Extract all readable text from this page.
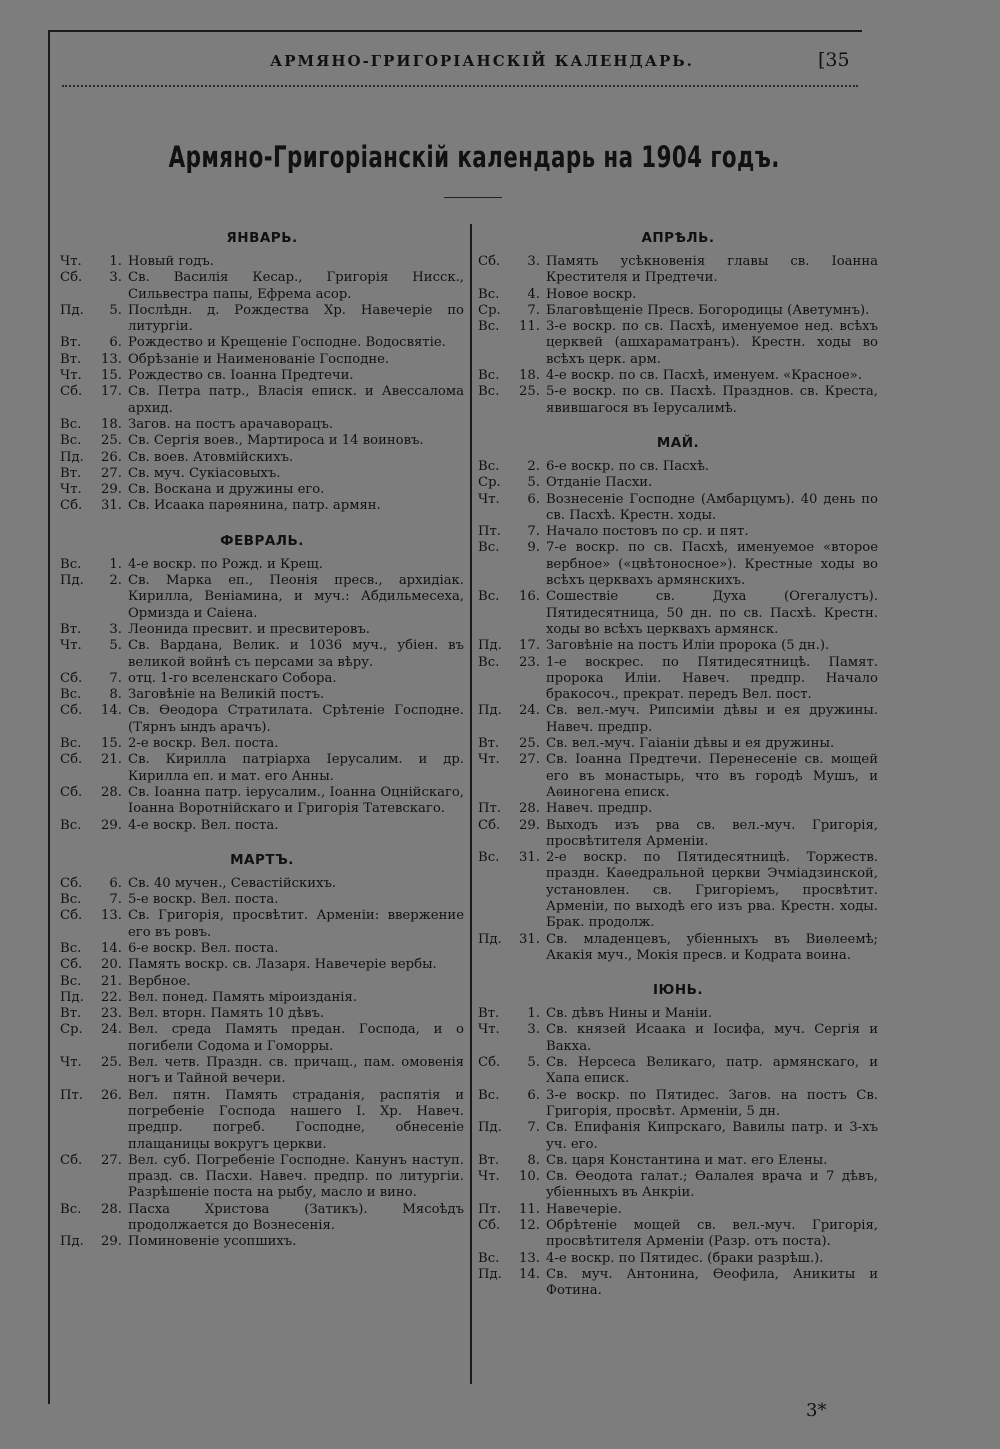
АРМЯНО-ГРИГОРІАНСКІЙ КАЛЕНДАРЬ.	[35
Армяно-Григоріанскій календарь на 1904 годъ.
ЯНВАРЬ.
Чт.	1. Новый годъ.
Сб.	3. Св. Василія Кесар., Григорія Нисск., Сильвестра папы, Ефрема асор.
Пд.	5. Послѣдн. д. Рождества Хр. Навечеріе по литургіи.
Вт.	6. Рождество и Крещеніе Господне. Водосвятіе.
Вт.	13. Обрѣзаніе и Наименованіе Господне.
Чт.	15. Рождество св. Іоанна Предтечи.
Сб.	17. Св. Петра патр., Власія епиcк. и Авессалома архид.
Вс.	18. Загов. на постъ арачаворацъ.
Вс.	25. Св. Сергія воев., Мартироса и 14 воиновъ.
Пд.	26. Св. воев. Атовмійскихъ.
Вт.	27. Св. муч. Сукіасовыхъ.
Чт.	29. Св. Воскана и дружины его.
Сб.	31. Св. Исаака парѳянина, патр. армян.
ФЕВРАЛЬ.
Вс.	1. 4-е воскр. по Рожд. и Крещ.
Пд.	2. Св. Марка еп., Пеонія пресв., архидіак. Кирилла, Веніамина, и муч.: Абдильмесеха, Ормизда и Саіена.
Вт.	3. Леонида пресвит. и пресвитеровъ.
Чт.	5. Св. Вардана, Велик. и 1036 муч., убіен. въ великой войнѣ съ персами за вѣру.
Сб.	7. отц. 1-го вселенскаго Собора.
Вс.	8. Заговѣніе на Великій постъ.
Сб.	14. Св. Ѳеодора Стратилата. Срѣтеніе Господне. (Тярнъ ындъ арачъ).
Вс.	15. 2-е воскр. Вел. поста.
Сб.	21. Св. Кирилла патріарха Іерусалим. и др. Кирилла еп. и мат. его Анны.
Сб.	28. Св. Іоанна патр. іерусалим., Іоанна Оцнійскаго, Іоанна Воротнійскаго и Григорія Татевскаго.
Вс.	29. 4-е воскр. Вел. поста.
МАРТЪ.
Сб.	6. Св. 40 мучен., Севастійскихъ.
Вс.	7. 5-е воскр. Вел. поста.
Сб.	13. Св. Григорія, просвѣтит. Арменіи: ввержение его въ ровъ.
Вс.	14. 6-е воскр. Вел. поста.
Сб.	20. Память воскр. св. Лазаря. Навечеріе вербы.
Вс.	21. Вербное.
Пд.	22. Вел. понед. Память міроизданія.
Вт.	23. Вел. вторн. Память 10 дѣвъ.
Ср.	24. Вел. среда Память предан. Господа, и о погибели Содома и Гоморры.
Чт.	25. Вел. четв. Праздн. св. причащ., пам. омовенія ногъ и Тайной вечери.
Пт.	26. Вел. пятн. Память страданія, распятія и погребеніе Господа нашего І. Хр. Навеч. предпр. погреб. Господне, обнесеніе плащаницы вокругъ церкви.
Сб.	27. Вел. суб. Погребеніе Господне. Канунъ наступ. празд. св. Пасхи. Навеч. предпр. по литургіи. Разрѣшеніе поста на рыбу, масло и вино.
Вс.	28. Пасха Христова (Затикъ). Мясоѣдъ продолжается до Вознесенія.
Пд.	29. Поминовеніе усопшихъ.
АПРѢЛЬ.
Сб.	3. Память усѣкновенія главы св. Іоанна Крестителя и Предтечи.
Вс.	4. Новое воскр.
Ср.	7. Благовѣщеніе Пресв. Богородицы (Аветумнъ).
Вс.	11. 3-е воскр. по св. Пасхѣ, именуемое нед. всѣхъ церквей (ашхараматранъ). Крестн. ходы во всѣхъ церк. арм.
Вс.	18. 4-е воскр. по св. Пасхѣ, именуем. «Красное».
Вс.	25. 5-е воскр. по св. Пасхѣ. Празднов. св. Креста, явившагося въ Іерусалимѣ.
МАЙ.
Вс.	2. 6-е воскр. по св. Пасхѣ.
Ср.	5. Отданіе Пасхи.
Чт.	6. Вознесеніе Господне (Амбарцумъ). 40 день по св. Пасхѣ. Крестн. ходы.
Пт.	7. Начало постовъ по ср. и пят.
Вс.	9. 7-е воскр. по св. Пасхѣ, именуемое «второе вербное» («цвѣтоносное»). Крестные ходы во всѣхъ церквахъ армянскихъ.
Вс.	16. Сошествіе св. Духа (Огегалустъ). Пятидесятница, 50 дн. по св. Пасхѣ. Крестн. ходы во всѣхъ церквахъ армянск.
Пд.	17. Заговѣніе на постъ Иліи пророка (5 дн.).
Вс.	23. 1-е воскрес. по Пятидесятницѣ. Памят. пророка Иліи. Навеч. предпр. Начало бракосоч., прекрат. передъ Вел. пост.
Пд.	24. Св. вел.-муч. Рипсиміи дѣвы и ея дружины. Навеч. предпр.
Вт.	25. Св. вел.-муч. Гаіаніи дѣвы и ея дружины.
Чт.	27. Св. Іоанна Предтечи. Перенесеніе св. мощей его въ монастырь, что въ городѣ Мушъ, и Аѳиногена епиcк.
Пт.	28. Навеч. предпр.
Сб.	29. Выходъ изъ рва св. вел.-муч. Григорія, просвѣтителя Арменіи.
Вс.	31. 2-е воскр. по Пятидесятницѣ. Торжеств. праздн. Каѳедральной церкви Эчміадзинской, установлен. св. Григоріемъ, просвѣтит. Арменіи, по выходѣ его изъ рва. Крестн. ходы. Брак. продолж.
Пд.	31. Св. младенцевъ, убіенныхъ въ Виѳлеемѣ; Акакія муч., Мокія пресв. и Кодрата воина.
ІЮНЬ.
Вт.	1. Св. дѣвъ Нины и Маніи.
Чт.	3. Св. князей Исаака и Іосифа, муч. Сергія и Вакха.
Сб.	5. Св. Нерсеса Великаго, патр. армянскаго, и Хапа епиcк.
Вс.	6. 3-е воскр. по Пятидес. Загов. на постъ Св. Григорія, просвѣт. Арменіи, 5 дн.
Пд.	7. Св. Епифанія Кипрскаго, Вавилы патр. и 3-хъ уч. его.
Вт.	8. Св. царя Константина и мат. его Елены.
Чт.	10. Св. Ѳеодота галат.; Ѳалалея врача и 7 дѣвъ, убіенныхъ въ Анкріи.
Пт.	11. Навечеріе.
Сб.	12. Обрѣтеніе мощей св. вел.-муч. Григорія, просвѣтителя Арменіи (Разр. отъ поста).
Вс.	13. 4-е воскр. по Пятидес. (браки разрѣш.).
Пд.	14. Св. муч. Антонина, Ѳеофила, Аникиты и Фотина.
3*
